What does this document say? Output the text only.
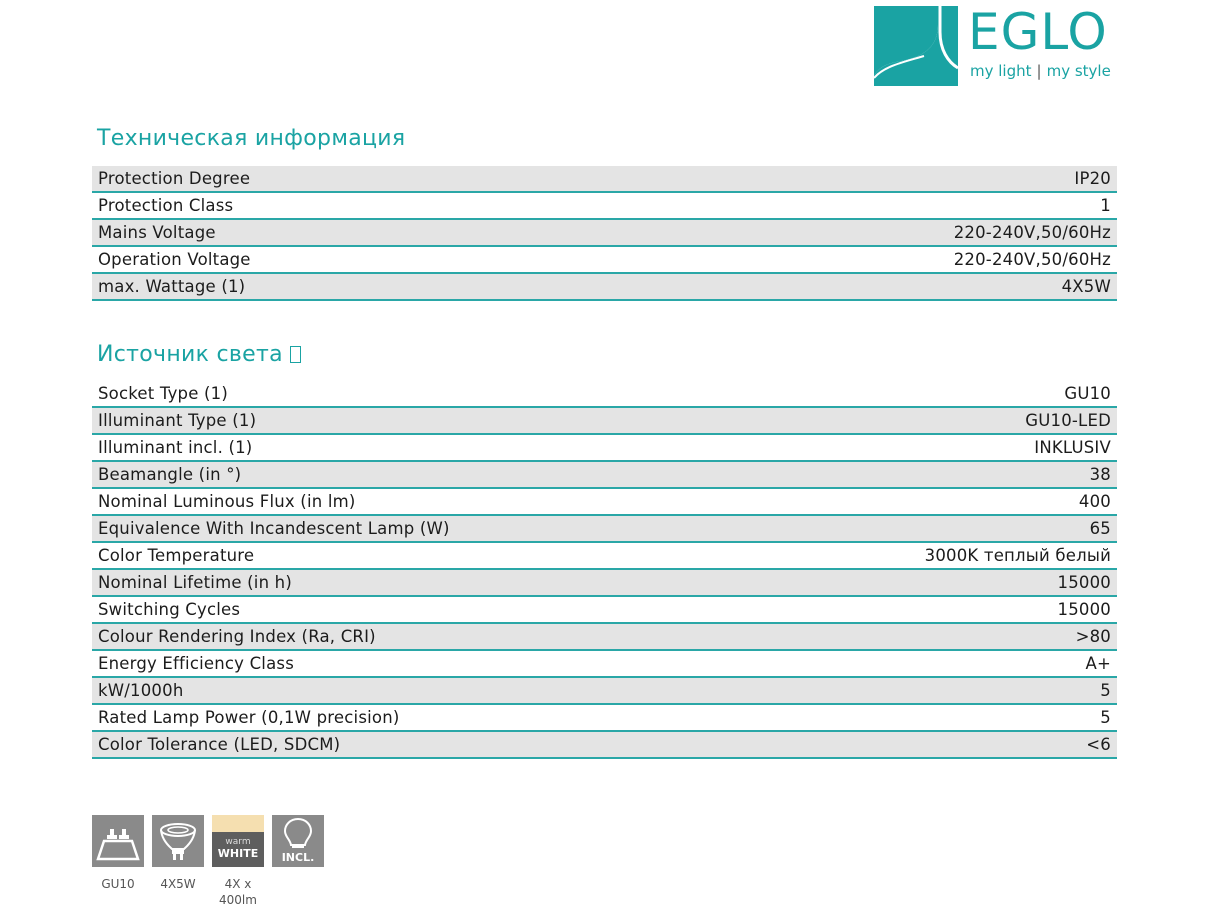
EGLO
my light | my style
Техническая информация
Protection Degree	IP20
Protection Class	1
Mains Voltage	220-240V,50/60Hz
Operation Voltage	220-240V,50/60Hz
max. Wattage (1)	4X5W
Источник света
Socket Type (1)	GU10
Illuminant Type (1)	GU10-LED
Illuminant incl. (1)	INKLUSIV
Beamangle (in °)	38
Nominal Luminous Flux (in lm)	400
Equivalence With Incandescent Lamp (W)	65
Color Temperature	3000K теплый белый
Nominal Lifetime (in h)	15000
Switching Cycles	15000
Colour Rendering Index (Ra, CRI)	>80
Energy Efficiency Class	A+
kW/1000h	5
Rated Lamp Power (0,1W precision)	5
Color Tolerance (LED, SDCM)	<6
GU10	4X5W
warm
WHITE
4X x
400lm
INCL.
